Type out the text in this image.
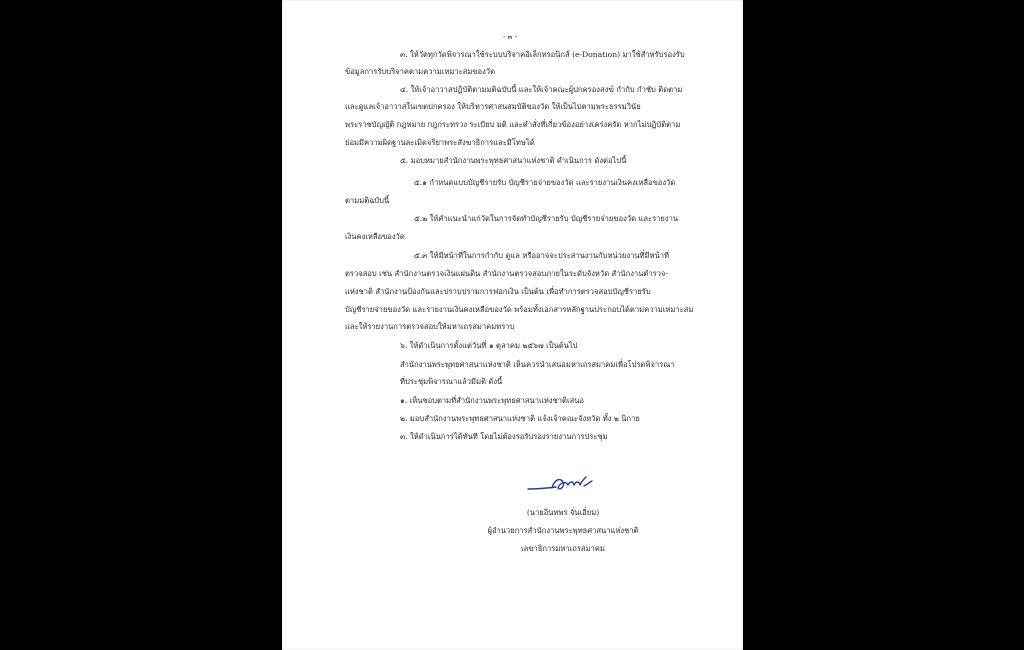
- ๓ -
๓. ให้วัดทุกวัดพิจารณาใช้ระบบบริจาคอิเล็กทรอนิกส์ (e-Donation) มาใช้สำหรับรองรับ
ข้อมูลการรับบริจาคตามความเหมาะสมของวัด
๔. ให้เจ้าอาวาสปฏิบัติตามมติฉบับนี้ และให้เจ้าคณะผู้ปกครองสงฆ์ กำกับ กำชับ ติดตาม
และดูแลเจ้าอาวาสในเขตปกครอง ให้บริหารศาสนสมบัติของวัด ให้เป็นไปตามพระธรรมวินัย
พระราชบัญญัติ กฎหมาย กฎกระทรวง ระเบียบ มติ และคำสั่งที่เกี่ยวข้องอย่างเคร่งครัด หากไม่ปฏิบัติตาม
ย่อมมีความผิดฐานละเมิดจริยาพระสังฆาธิการและมีโทษได้
๕. มอบหมายสำนักงานพระพุทธศาสนาแห่งชาติ ดำเนินการ ดังต่อไปนี้
๕.๑ กำหนดแบบบัญชีรายรับ บัญชีรายจ่ายของวัด และรายงานเงินคงเหลือของวัด
ตามมติฉบับนี้
๕.๒ ให้คำแนะนำแก่วัดในการจัดทำบัญชีรายรับ บัญชีรายจ่ายของวัด และรายงาน
เงินคงเหลือของวัด
๕.๓ ให้มีหน้าที่ในการกำกับ ดูแล หรืออาจจะประสานงานกับหน่วยงานที่มีหน้าที่
ตรวจสอบ เช่น สำนักงานตรวจเงินแผ่นดิน สำนักงานตรวจสอบภายในระดับจังหวัด สำนักงานตำรวจ-
แห่งชาติ สำนักงานป้องกันและปราบปรามการฟอกเงิน เป็นต้น เพื่อทำการตรวจสอบบัญชีรายรับ
บัญชีรายจ่ายของวัด และรายงานเงินคงเหลือของวัด พร้อมทั้งเอกสารหลักฐานประกอบได้ตามความเหมาะสม
และให้รายงานการตรวจสอบให้มหาเถรสมาคมทราบ
๖. ให้ดำเนินการตั้งแต่วันที่ ๑ ตุลาคม ๒๕๖๗ เป็นต้นไป
สำนักงานพระพุทธศาสนาแห่งชาติ เห็นควรนำเสนอมหาเถรสมาคมเพื่อโปรดพิจารณา
ที่ประชุมพิจารณาแล้วมีมติ ดังนี้
๑. เห็นชอบตามที่สำนักงานพระพุทธศาสนาแห่งชาติเสนอ
๒. มอบสำนักงานพระพุทธศาสนาแห่งชาติ แจ้งเจ้าคณะจังหวัด ทั้ง ๒ นิกาย
๓. ให้ดำเนินการได้ทันที โดยไม่ต้องรอรับรองรายงานการประชุม
(นายอินทพร จั่นเอี่ยม)
ผู้อำนวยการสำนักงานพระพุทธศาสนาแห่งชาติ
เลขาธิการมหาเถรสมาคม
